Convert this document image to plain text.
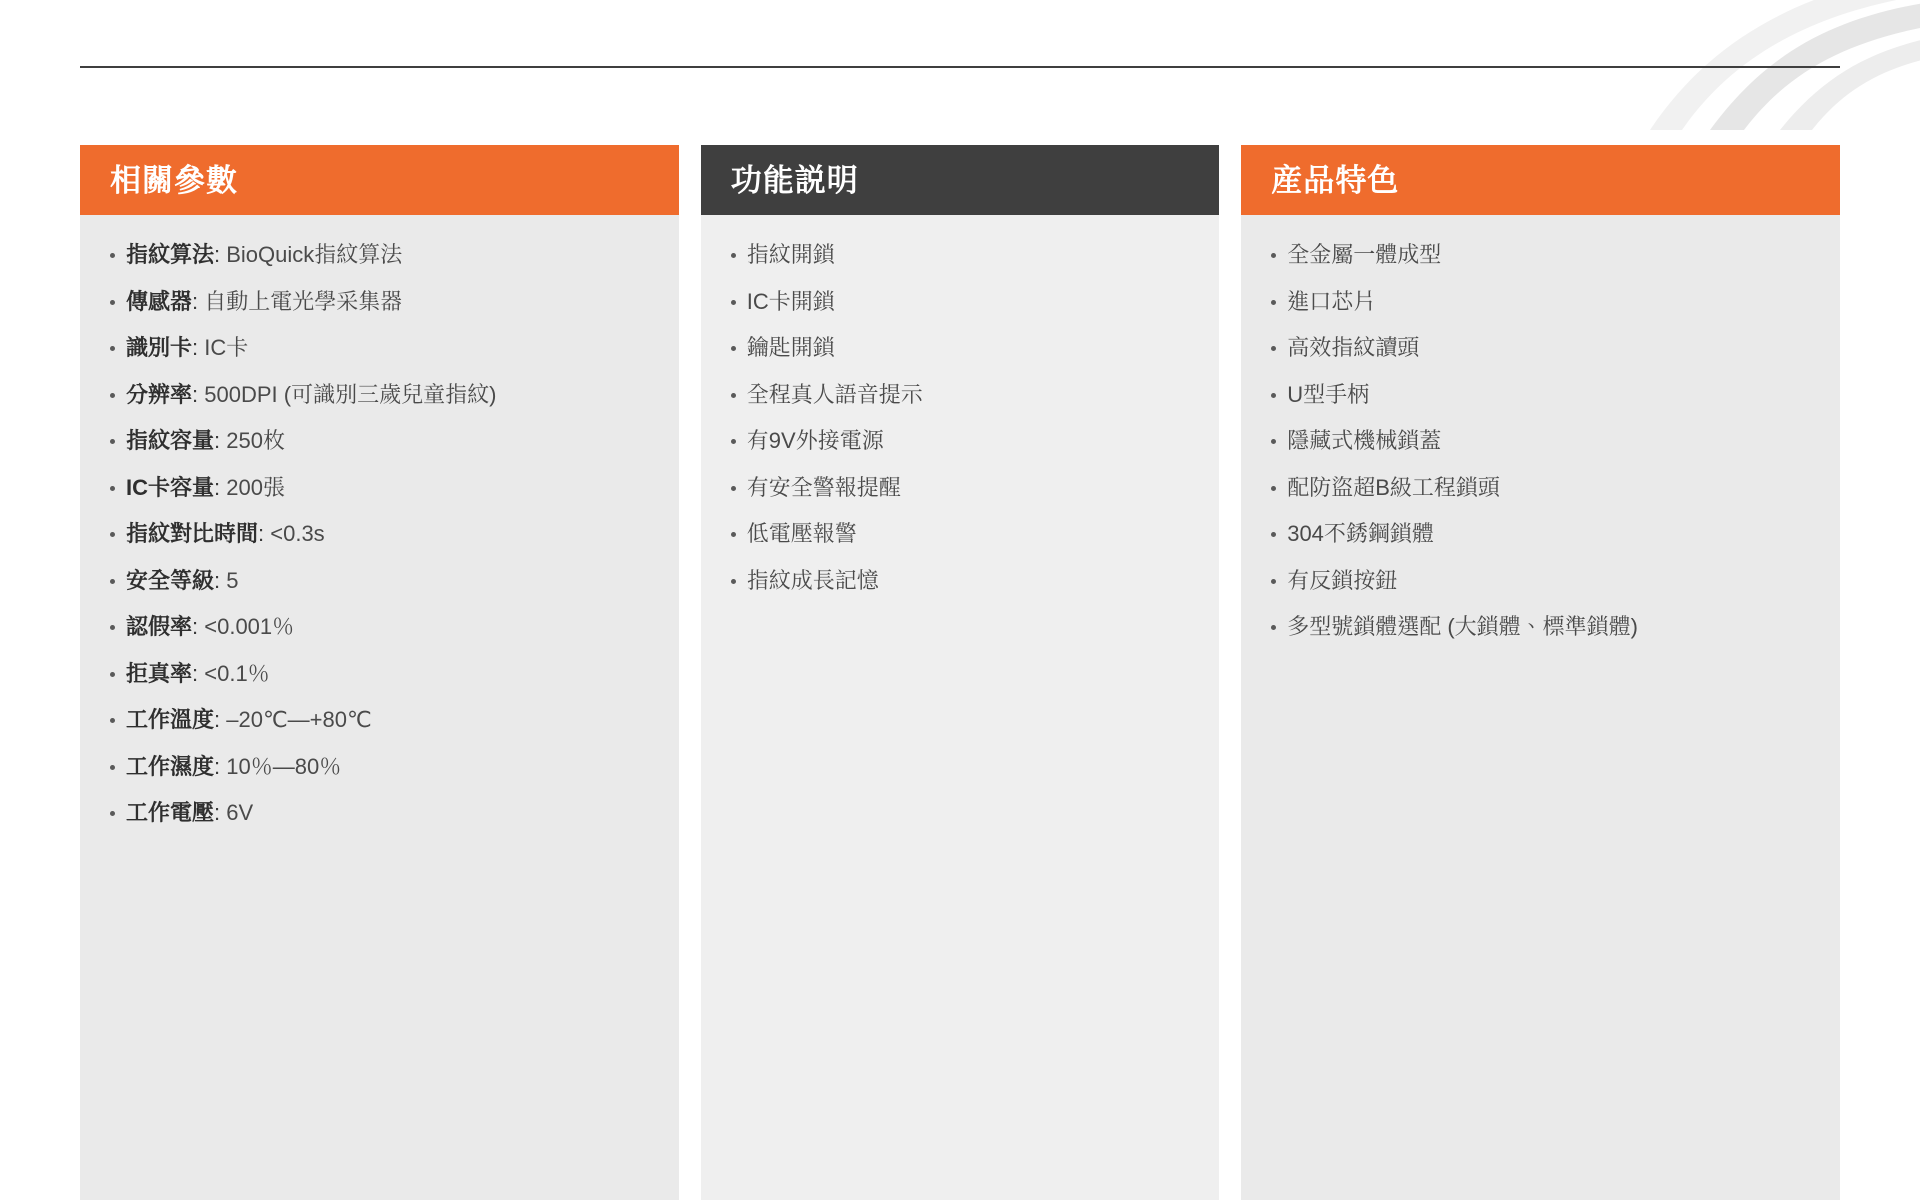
相關參數
指紋算法: BioQuick指紋算法
傳感器: 自動上電光學采集器
識別卡: IC卡
分辨率: 500DPI (可識別三歲兒童指紋)
指紋容量: 250枚
IC卡容量: 200張
指紋對比時間: <0.3s
安全等級: 5
認假率: <0.001％
拒真率: <0.1％
工作溫度: –20℃—+80℃
工作濕度: 10％—80％
工作電壓: 6V
功能説明
指紋開鎖
IC卡開鎖
鑰匙開鎖
全程真人語音提示
有9V外接電源
有安全警報提醒
低電壓報警
指紋成長記憶
産品特色
全金屬一體成型
進口芯片
高效指紋讀頭
U型手柄
隱藏式機械鎖蓋
配防盜超B級工程鎖頭
304不銹鋼鎖體
有反鎖按鈕
多型號鎖體選配 (大鎖體、標準鎖體)
